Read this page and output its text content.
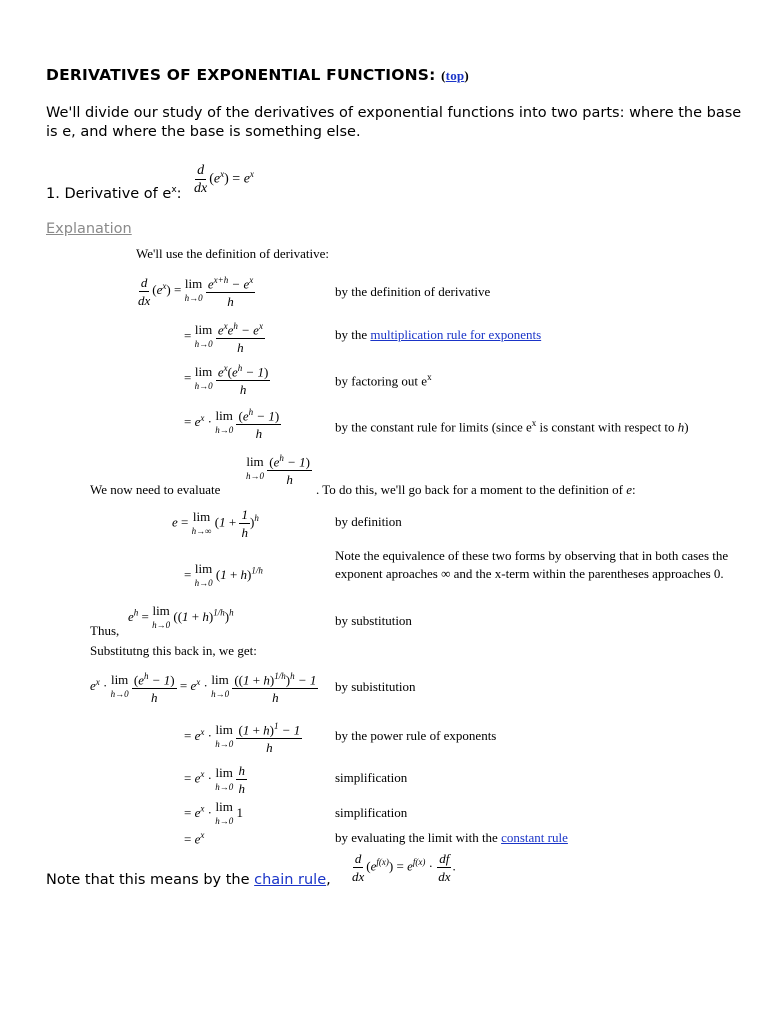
DERIVATIVES OF EXPONENTIAL FUNCTIONS: (top)
We'll divide our study of the derivatives of exponential functions into two parts: where the base is e, and where the base is something else.
1. Derivative of $e^x$: $\frac{d}{dx} (e^x) = e^x$
Explanation
We'll use the definition of derivative:
$\frac{d}{dx} (e^x) = \lim$
h→0
$\frac{e^{x+h} - e^x}{h}$	by the definition of derivative
= lim
h→0
$\frac{e^xe^h - e^x}{h}$	by the multiplication rule for exponents
= lim
h→0
$\frac{e^x(e^h - 1)}{h}$	by factoring out $e^x$
= $e^x \cdot \lim$
h→0
$\frac{(e^h - 1)}{h}$	by the constant rule for limits (since $e^x$ is constant with respect to h)
We now need to evaluate
lim
h→0
$\frac{(e^h - 1)}{h}$
. To do this, we'll go back for a moment to the definition of e:
e = lim
h→∞
$(1 + \frac{1}{h} )^h$	by definition
= lim
h→0
$(1 + h)^{1/h}$
Note the equivalence of these two forms by observing that in both cases the exponent aproaches ∞ and the x-term within the parentheses approaches 0.
Thus,
$e^h = \lim$
h→0
$((1 + h)^{1/h})^h$
by substitution
Substitutng this back in, we get:
$e^x \cdot \lim$
h→0
$\frac{(e^h - 1)}{h} = e^x \cdot \lim$
h→0
$\frac{((1 + h)^{1/h})^h - 1}{h}$ by subistitution
= $e^x \cdot \lim$
h→0
$\frac{(1 + h)^1 - 1}{h}$	by the power rule of exponents
= $e^x \cdot \lim$
h→0
$\frac{h}{h}$	simplification
= $e^x \cdot \lim$
h→0
1	simplification
= $e^x$	by evaluating the limit with the constant rule
Note that this means by the chain rule, $\frac{d}{dx} (e^{f(x)}) = e^{f(x)} \cdot \frac{df}{dx}$ .
